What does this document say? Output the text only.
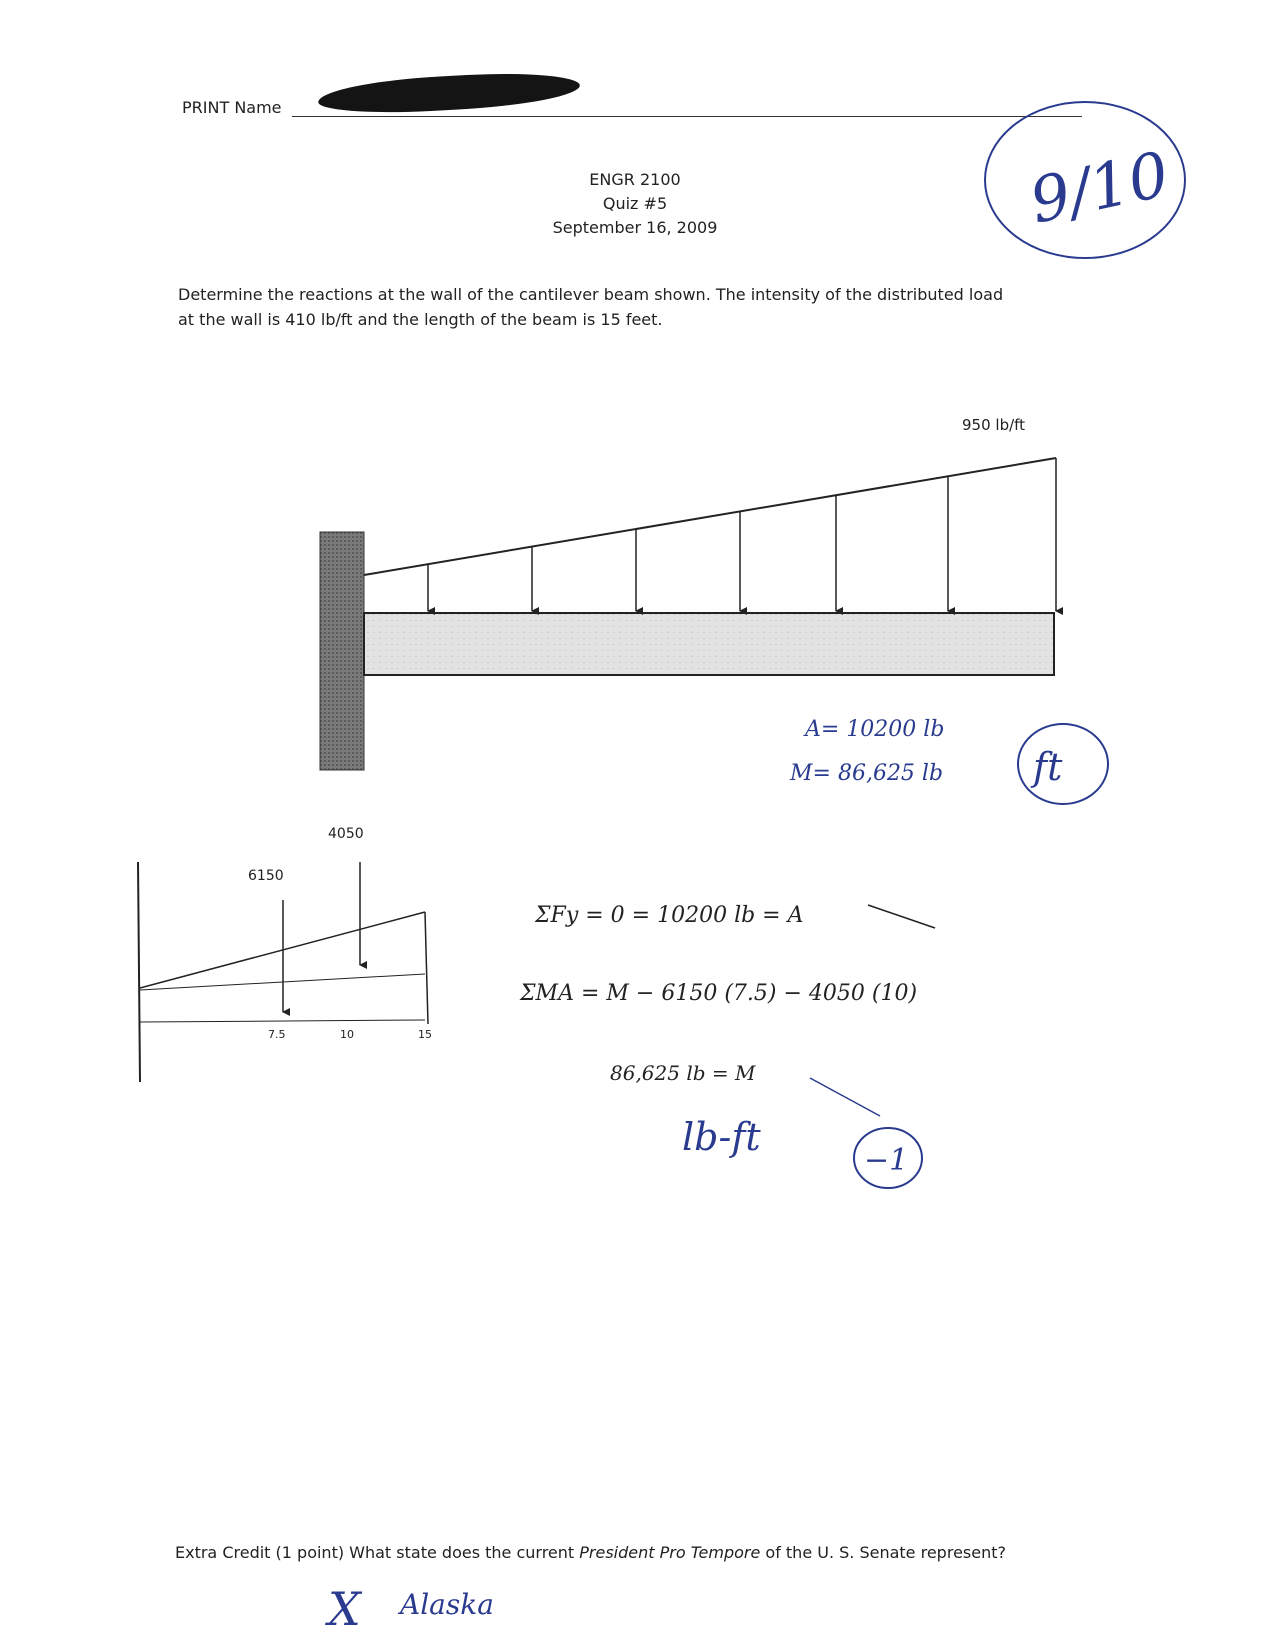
PRINT Name
ENGR 2100
Quiz #5
September 16, 2009	9/10
Determine the reactions at the wall of the cantilever beam shown. The intensity of the distributed load at the wall is 410 lb/ft and the length of the beam is 15 feet.
950 lb/ft
A= 10200 lb
M= 86,625 lb ft
6150
4050
7.5	10	15
ΣFy = 0 = 10200 lb = A
ΣMA = M − 6150 (7.5) − 4050 (10)
86,625 lb = M
lb-ft
−1
Extra Credit (1 point) What state does the current President Pro Tempore of the U. S. Senate represent?
X Alaska
